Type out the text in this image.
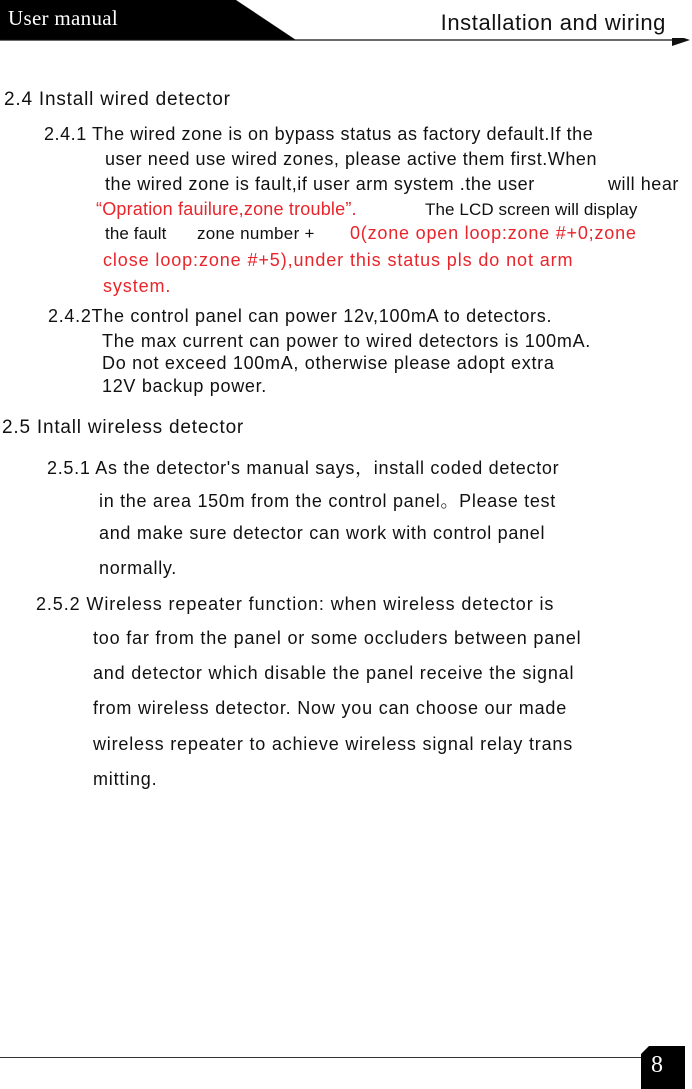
User manual	Installation and wiring
2.4 Install wired detector
2.4.1 The wired zone is on bypass status as factory default.If the
user need use wired zones, please active them first.When
the wired zone is fault,if user arm system .the user	will hear
“Opration fauilure,zone trouble”.	The LCD screen will display
the fault zone number + 0(zone open loop:zone #+0;zone
close loop:zone #+5),under this status pls do not arm
system.
2.4.2The control panel can power 12v,100mA to detectors.
The max current can power to wired detectors is 100mA.
Do not exceed 100mA, otherwise please adopt extra
12V backup power.
2.5 Intall wireless detector
2.5.1 As the detector's manual says，install coded detector
in the area 150m from the control panel。Please test
and make sure detector can work with control panel
normally.
2.5.2 Wireless repeater function: when wireless detector is
too far from the panel or some occluders between panel
and detector which disable the panel receive the signal
from wireless detector. Now you can choose our made
wireless repeater to achieve wireless signal relay trans
mitting.
8
